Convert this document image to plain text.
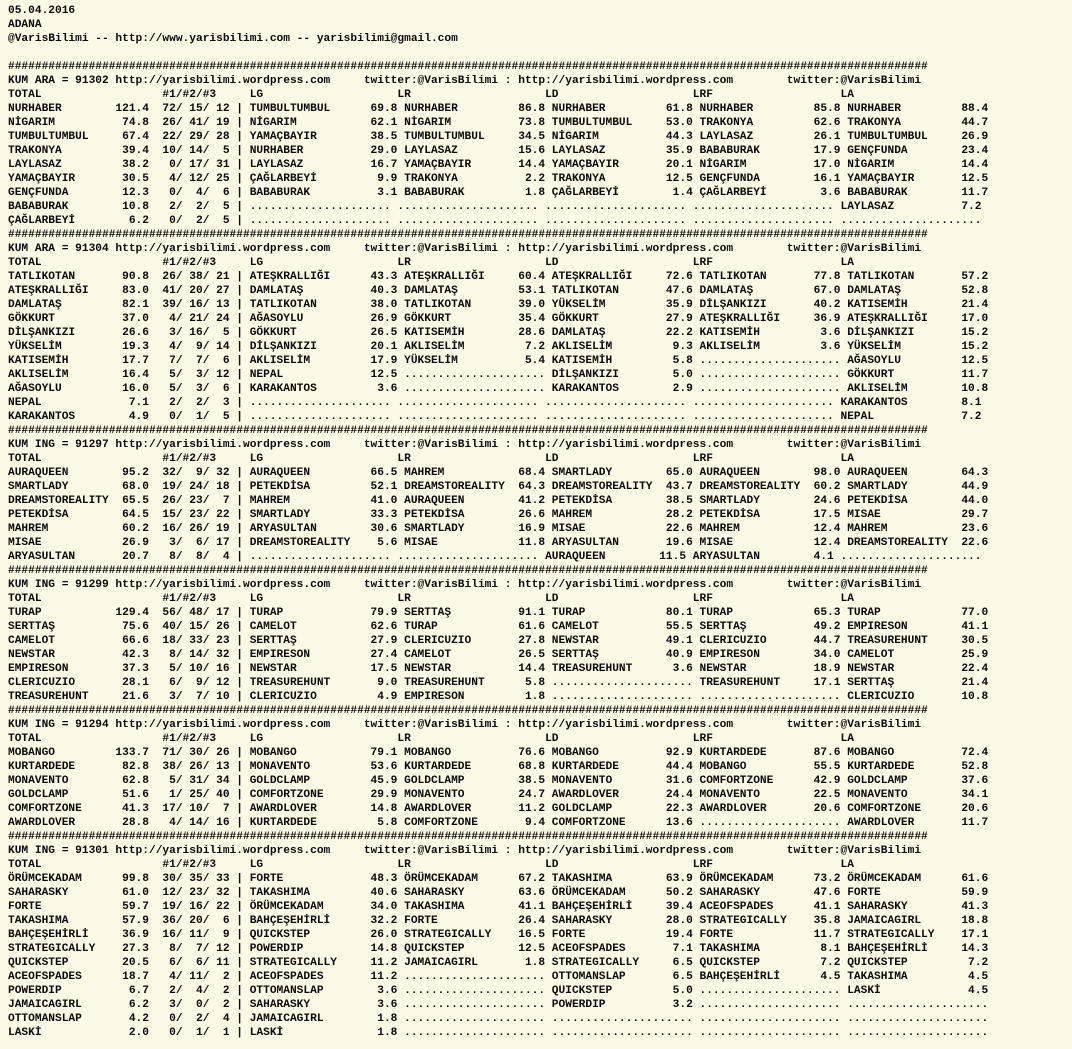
05.04.2016
ADANA
@VarisBilimi -- http://www.yarisbilimi.com -- yarisbilimi@gmail.com

#########################################################################################################################################
KUM ARA = 91302 http://yarisbilimi.wordpress.com     twitter:@VarisBilimi : http://yarisbilimi.wordpress.com        twitter:@VarisBilimi
TOTAL                  #1/#2/#3     LG                    LR                    LD                    LRF                   LA
NURHABER        121.4  72/ 15/ 12 | TUMBULTUMBUL      69.8 NURHABER         86.8 NURHABER         61.8 NURHABER         85.8 NURHABER         88.4
NİGARIM          74.8  26/ 41/ 19 | NİGARIM           62.1 NİGARIM          73.8 TUMBULTUMBUL     53.0 TRAKONYA         62.6 TRAKONYA         44.7
TUMBULTUMBUL     67.4  22/ 29/ 28 | YAMAÇBAYIR        38.5 TUMBULTUMBUL     34.5 NİGARIM          44.3 LAYLASAZ         26.1 TUMBULTUMBUL     26.9
TRAKONYA         39.4  10/ 14/  5 | NURHABER          29.0 LAYLASAZ         15.6 LAYLASAZ         35.9 BABABURAK        17.9 GENÇFUNDA        23.4
LAYLASAZ         38.2   0/ 17/ 31 | LAYLASAZ          16.7 YAMAÇBAYIR       14.4 YAMAÇBAYIR       20.1 NİGARIM          17.0 NİGARIM          14.4
YAMAÇBAYIR       30.5   4/ 12/ 25 | ÇAĞLARBEYİ         9.9 TRAKONYA          2.2 TRAKONYA         12.5 GENÇFUNDA        16.1 YAMAÇBAYIR       12.5
GENÇFUNDA        12.3   0/  4/  6 | BABABURAK          3.1 BABABURAK         1.8 ÇAĞLARBEYİ        1.4 ÇAĞLARBEYİ        3.6 BABABURAK        11.7
BABABURAK        10.8   2/  2/  5 | ..................... ..................... ..................... ..................... LAYLASAZ          7.2
ÇAĞLARBEYİ        6.2   0/  2/  5 | ..................... ..................... ..................... ..................... .....................
#########################################################################################################################################
KUM ARA = 91304 http://yarisbilimi.wordpress.com     twitter:@VarisBilimi : http://yarisbilimi.wordpress.com        twitter:@VarisBilimi
TOTAL                  #1/#2/#3     LG                    LR                    LD                    LRF                   LA
TATLIKOTAN       90.8  26/ 38/ 21 | ATEŞKRALLIĞI      43.3 ATEŞKRALLIĞI     60.4 ATEŞKRALLIĞI     72.6 TATLIKOTAN       77.8 TATLIKOTAN       57.2
ATEŞKRALLIĞI     83.0  41/ 20/ 27 | DAMLATAŞ          40.3 DAMLATAŞ         53.1 TATLIKOTAN       47.6 DAMLATAŞ         67.0 DAMLATAŞ         52.8
DAMLATAŞ         82.1  39/ 16/ 13 | TATLIKOTAN        38.0 TATLIKOTAN       39.0 YÜKSELİM         35.9 DİLŞANKIZI       40.2 KATISEMİH        21.4
GÖKKURT          37.0   4/ 21/ 24 | AĞASOYLU          26.9 GÖKKURT          35.4 GÖKKURT          27.9 ATEŞKRALLIĞI     36.9 ATEŞKRALLIĞI     17.0
DİLŞANKIZI       26.6   3/ 16/  5 | GÖKKURT           26.5 KATISEMİH        28.6 DAMLATAŞ         22.2 KATISEMİH         3.6 DİLŞANKIZI       15.2
YÜKSELİM         19.3   4/  9/ 14 | DİLŞANKIZI        20.1 AKLISELİM         7.2 AKLISELİM         9.3 AKLISELİM         3.6 YÜKSELİM         15.2
KATISEMİH        17.7   7/  7/  6 | AKLISELİM         17.9 YÜKSELİM          5.4 KATISEMİH         5.8 ..................... AĞASOYLU         12.5
AKLISELİM        16.4   5/  3/ 12 | NEPAL             12.5 ..................... DİLŞANKIZI        5.0 ..................... GÖKKURT          11.7
AĞASOYLU         16.0   5/  3/  6 | KARAKANTOS         3.6 ..................... KARAKANTOS        2.9 ..................... AKLISELİM        10.8
NEPAL             7.1   2/  2/  3 | ..................... ..................... ..................... ..................... KARAKANTOS        8.1
KARAKANTOS        4.9   0/  1/  5 | ..................... ..................... ..................... ..................... NEPAL             7.2
#########################################################################################################################################
KUM ING = 91297 http://yarisbilimi.wordpress.com     twitter:@VarisBilimi : http://yarisbilimi.wordpress.com        twitter:@VarisBilimi
TOTAL                  #1/#2/#3     LG                    LR                    LD                    LRF                   LA
AURAQUEEN        95.2  32/  9/ 32 | AURAQUEEN         66.5 MAHREM           68.4 SMARTLADY        65.0 AURAQUEEN        98.0 AURAQUEEN        64.3
SMARTLADY        68.0  19/ 24/ 18 | PETEKDİSA         52.1 DREAMSTOREALITY  64.3 DREAMSTOREALITY  43.7 DREAMSTOREALITY  60.2 SMARTLADY        44.9
DREAMSTOREALITY  65.5  26/ 23/  7 | MAHREM            41.0 AURAQUEEN        41.2 PETEKDİSA        38.5 SMARTLADY        24.6 PETEKDİSA        44.0
PETEKDİSA        64.5  15/ 23/ 22 | SMARTLADY         33.3 PETEKDİSA        26.6 MAHREM           28.2 PETEKDİSA        17.5 MISAE            29.7
MAHREM           60.2  16/ 26/ 19 | ARYASULTAN        30.6 SMARTLADY        16.9 MISAE            22.6 MAHREM           12.4 MAHREM           23.6
MISAE            26.9   3/  6/ 17 | DREAMSTOREALITY    5.6 MISAE            11.8 ARYASULTAN       19.6 MISAE            12.4 DREAMSTOREALITY  22.6
ARYASULTAN       20.7   8/  8/  4 | ..................... ..................... AURAQUEEN        11.5 ARYASULTAN        4.1 .....................
#########################################################################################################################################
KUM ING = 91299 http://yarisbilimi.wordpress.com     twitter:@VarisBilimi : http://yarisbilimi.wordpress.com        twitter:@VarisBilimi
TOTAL                  #1/#2/#3     LG                    LR                    LD                    LRF                   LA
TURAP           129.4  56/ 48/ 17 | TURAP             79.9 SERTTAŞ          91.1 TURAP            80.1 TURAP            65.3 TURAP            77.0
SERTTAŞ          75.6  40/ 15/ 26 | CAMELOT           62.6 TURAP            61.6 CAMELOT          55.5 SERTTAŞ          49.2 EMPIRESON        41.1
CAMELOT          66.6  18/ 33/ 23 | SERTTAŞ           27.9 CLERICUZIO       27.8 NEWSTAR          49.1 CLERICUZIO       44.7 TREASUREHUNT     30.5
NEWSTAR          42.3   8/ 14/ 32 | EMPIRESON         27.4 CAMELOT          26.5 SERTTAŞ          40.9 EMPIRESON        34.0 CAMELOT          25.9
EMPIRESON        37.3   5/ 10/ 16 | NEWSTAR           17.5 NEWSTAR          14.4 TREASUREHUNT      3.6 NEWSTAR          18.9 NEWSTAR          22.4
CLERICUZIO       28.1   6/  9/ 12 | TREASUREHUNT       9.0 TREASUREHUNT      5.8 ..................... TREASUREHUNT     17.1 SERTTAŞ          21.4
TREASUREHUNT     21.6   3/  7/ 10 | CLERICUZIO         4.9 EMPIRESON         1.8 ..................... ..................... CLERICUZIO       10.8
#########################################################################################################################################
KUM ING = 91294 http://yarisbilimi.wordpress.com     twitter:@VarisBilimi : http://yarisbilimi.wordpress.com        twitter:@VarisBilimi
TOTAL                  #1/#2/#3     LG                    LR                    LD                    LRF                   LA
MOBANGO         133.7  71/ 30/ 26 | MOBANGO           79.1 MOBANGO          76.6 MOBANGO          92.9 KURTARDEDE       87.6 MOBANGO          72.4
KURTARDEDE       82.8  38/ 26/ 13 | MONAVENTO         53.6 KURTARDEDE       68.8 KURTARDEDE       44.4 MOBANGO          55.5 KURTARDEDE       52.8
MONAVENTO        62.8   5/ 31/ 34 | GOLDCLAMP         45.9 GOLDCLAMP        38.5 MONAVENTO        31.6 COMFORTZONE      42.9 GOLDCLAMP        37.6
GOLDCLAMP        51.6   1/ 25/ 40 | COMFORTZONE       29.9 MONAVENTO        24.7 AWARDLOVER       24.4 MONAVENTO        22.5 MONAVENTO        34.1
COMFORTZONE      41.3  17/ 10/  7 | AWARDLOVER        14.8 AWARDLOVER       11.2 GOLDCLAMP        22.3 AWARDLOVER       20.6 COMFORTZONE      20.6
AWARDLOVER       28.8   4/ 14/ 16 | KURTARDEDE         5.8 COMFORTZONE       9.4 COMFORTZONE      13.6 ..................... AWARDLOVER       11.7
#########################################################################################################################################
KUM ING = 91301 http://yarisbilimi.wordpress.com     twitter:@VarisBilimi : http://yarisbilimi.wordpress.com        twitter:@VarisBilimi
TOTAL                  #1/#2/#3     LG                    LR                    LD                    LRF                   LA
ÖRÜMCEKADAM      99.8  30/ 35/ 33 | FORTE             48.3 ÖRÜMCEKADAM      67.2 TAKASHIMA        63.9 ÖRÜMCEKADAM      73.2 ÖRÜMCEKADAM      61.6
SAHARASKY        61.0  12/ 23/ 32 | TAKASHIMA         40.6 SAHARASKY        63.6 ÖRÜMCEKADAM      50.2 SAHARASKY        47.6 FORTE            59.9
FORTE            59.7  19/ 16/ 22 | ÖRÜMCEKADAM       34.0 TAKASHIMA        41.1 BAHÇEŞEHİRLİ     39.4 ACEOFSPADES      41.1 SAHARASKY        41.3
TAKASHIMA        57.9  36/ 20/  6 | BAHÇEŞEHİRLİ      32.2 FORTE            26.4 SAHARASKY        28.0 STRATEGICALLY    35.8 JAMAICAGIRL      18.8
BAHÇEŞEHİRLİ     36.9  16/ 11/  9 | QUICKSTEP         26.0 STRATEGICALLY    16.5 FORTE            19.4 FORTE            11.7 STRATEGICALLY    17.1
STRATEGICALLY    27.3   8/  7/ 12 | POWERDIP          14.8 QUICKSTEP        12.5 ACEOFSPADES       7.1 TAKASHIMA         8.1 BAHÇEŞEHİRLİ     14.3
QUICKSTEP        20.5   6/  6/ 11 | STRATEGICALLY     11.2 JAMAICAGIRL       1.8 STRATEGICALLY     6.5 QUICKSTEP         7.2 QUICKSTEP         7.2
ACEOFSPADES      18.7   4/ 11/  2 | ACEOFSPADES       11.2 ..................... OTTOMANSLAP       6.5 BAHÇEŞEHİRLİ      4.5 TAKASHIMA         4.5
POWERDIP          6.7   2/  4/  2 | OTTOMANSLAP        3.6 ..................... QUICKSTEP         5.0 ..................... LASKİ             4.5
JAMAICAGIRL       6.2   3/  0/  2 | SAHARASKY          3.6 ..................... POWERDIP          3.2 ..................... .....................
OTTOMANSLAP       4.2   0/  2/  4 | JAMAICAGIRL        1.8 ..................... ..................... ..................... .....................
LASKİ             2.0   0/  1/  1 | LASKİ              1.8 ..................... ..................... ..................... .....................
